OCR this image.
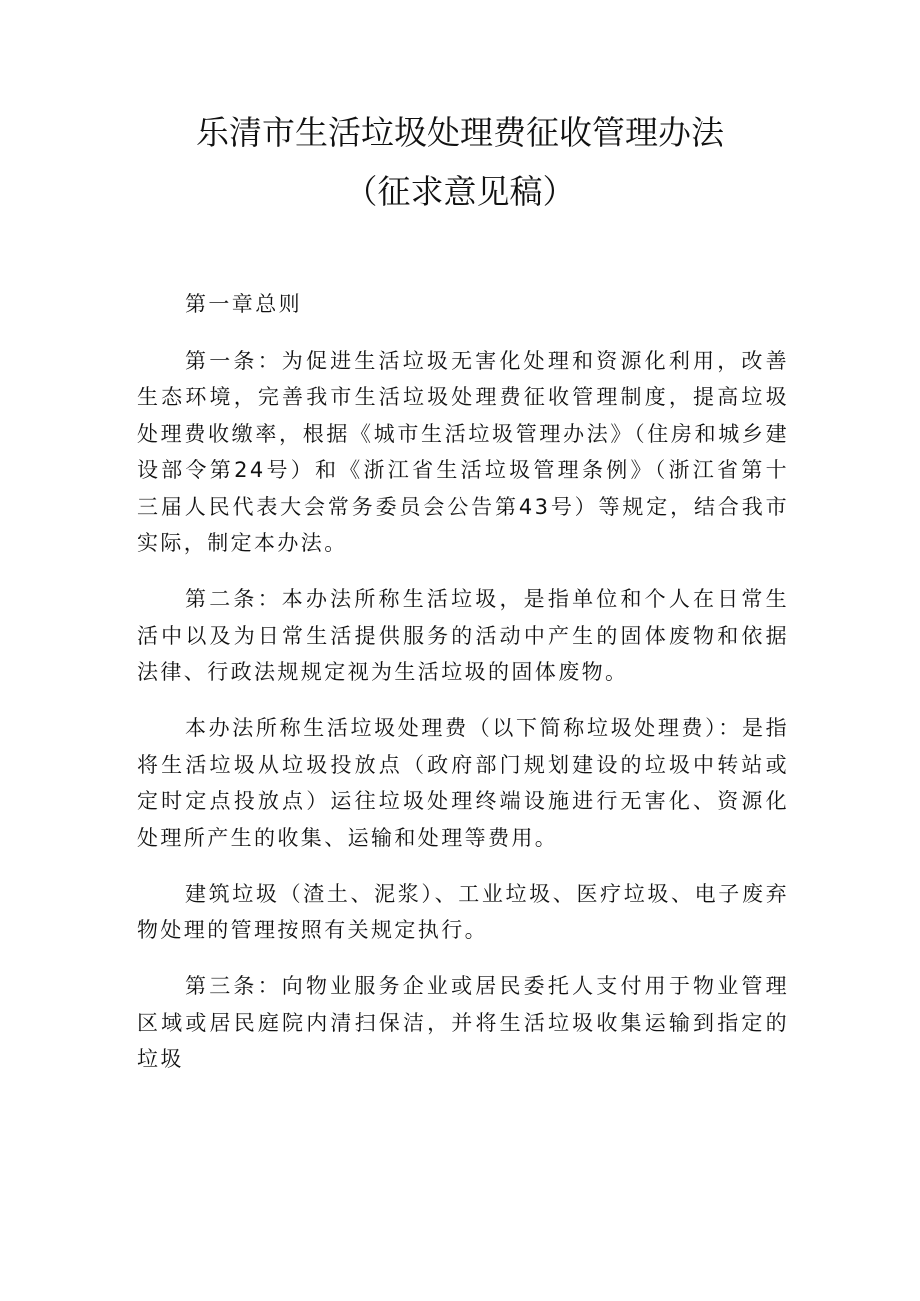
乐清市生活垃圾处理费征收管理办法
（征求意见稿）

第一章总则

第一条：为促进生活垃圾无害化处理和资源化利用，改善生态环境，完善我市生活垃圾处理费征收管理制度，提高垃圾处理费收缴率，根据《城市生活垃圾管理办法》（住房和城乡建设部令第24号）和《浙江省生活垃圾管理条例》（浙江省第十三届人民代表大会常务委员会公告第43号）等规定，结合我市实际，制定本办法。

第二条：本办法所称生活垃圾，是指单位和个人在日常生活中以及为日常生活提供服务的活动中产生的固体废物和依据法律、行政法规规定视为生活垃圾的固体废物。

本办法所称生活垃圾处理费（以下简称垃圾处理费）：是指将生活垃圾从垃圾投放点（政府部门规划建设的垃圾中转站或定时定点投放点）运往垃圾处理终端设施进行无害化、资源化处理所产生的收集、运输和处理等费用。

建筑垃圾（渣土、泥浆）、工业垃圾、医疗垃圾、电子废弃物处理的管理按照有关规定执行。

第三条：向物业服务企业或居民委托人支付用于物业管理区域或居民庭院内清扫保洁，并将生活垃圾收集运输到指定的垃圾
